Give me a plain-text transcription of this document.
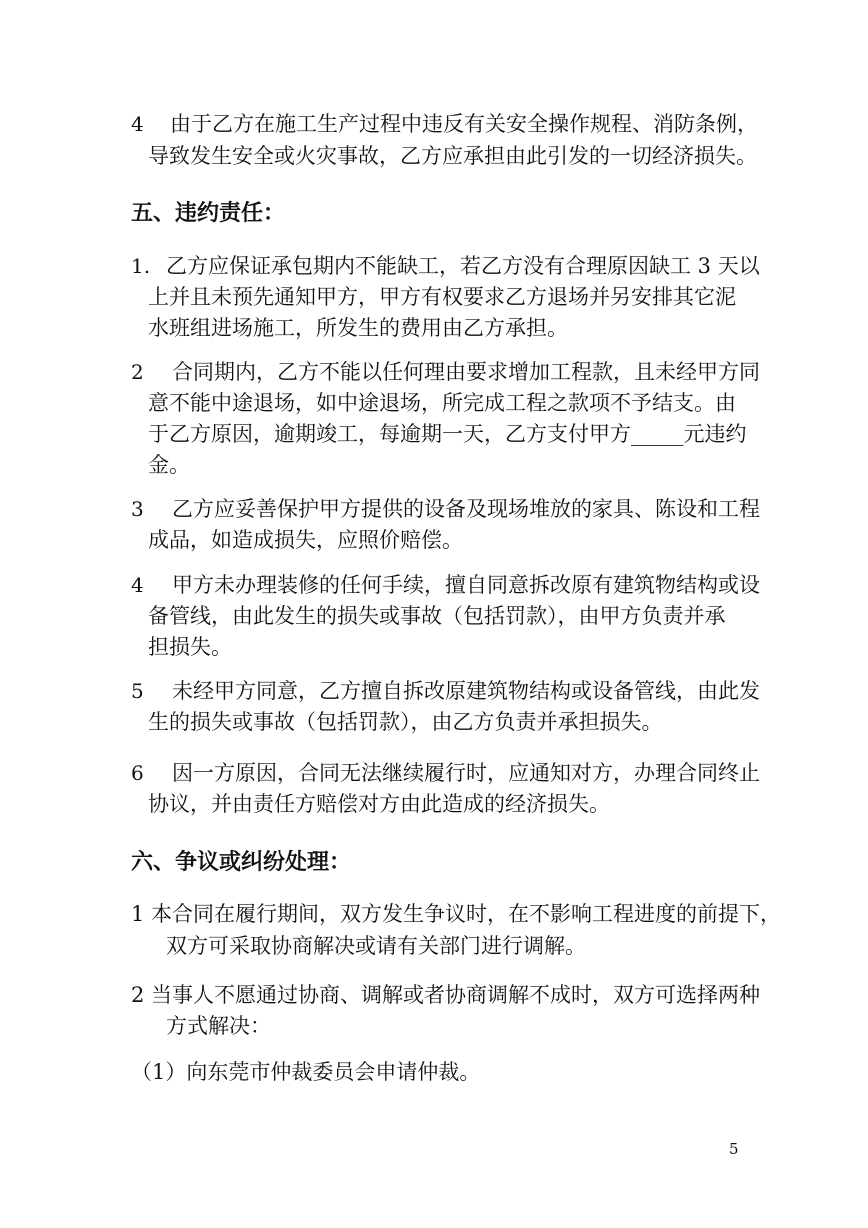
4 由于乙方在施工生产过程中违反有关安全操作规程、消防条例，
导致发生安全或火灾事故，乙方应承担由此引发的一切经济损失。
五、违约责任：
1. 乙方应保证承包期内不能缺工，若乙方没有合理原因缺工 3 天以
上并且未预先通知甲方，甲方有权要求乙方退场并另安排其它泥
水班组进场施工，所发生的费用由乙方承担。
2 合同期内，乙方不能以任何理由要求增加工程款，且未经甲方同
意不能中途退场，如中途退场，所完成工程之款项不予结支。由
于乙方原因，逾期竣工，每逾期一天，乙方支付甲方_____元违约
金。
3 乙方应妥善保护甲方提供的设备及现场堆放的家具、陈设和工程
成品，如造成损失，应照价赔偿。
4 甲方未办理装修的任何手续，擅自同意拆改原有建筑物结构或设
备管线，由此发生的损失或事故（包括罚款），由甲方负责并承
担损失。
5 未经甲方同意，乙方擅自拆改原建筑物结构或设备管线，由此发
生的损失或事故（包括罚款），由乙方负责并承担损失。
6 因一方原因，合同无法继续履行时，应通知对方，办理合同终止
协议，并由责任方赔偿对方由此造成的经济损失。
六、争议或纠纷处理：
1 本合同在履行期间，双方发生争议时，在不影响工程进度的前提下，
双方可采取协商解决或请有关部门进行调解。
2 当事人不愿通过协商、调解或者协商调解不成时，双方可选择两种
方式解决：
（1）向东莞市仲裁委员会申请仲裁。
5
